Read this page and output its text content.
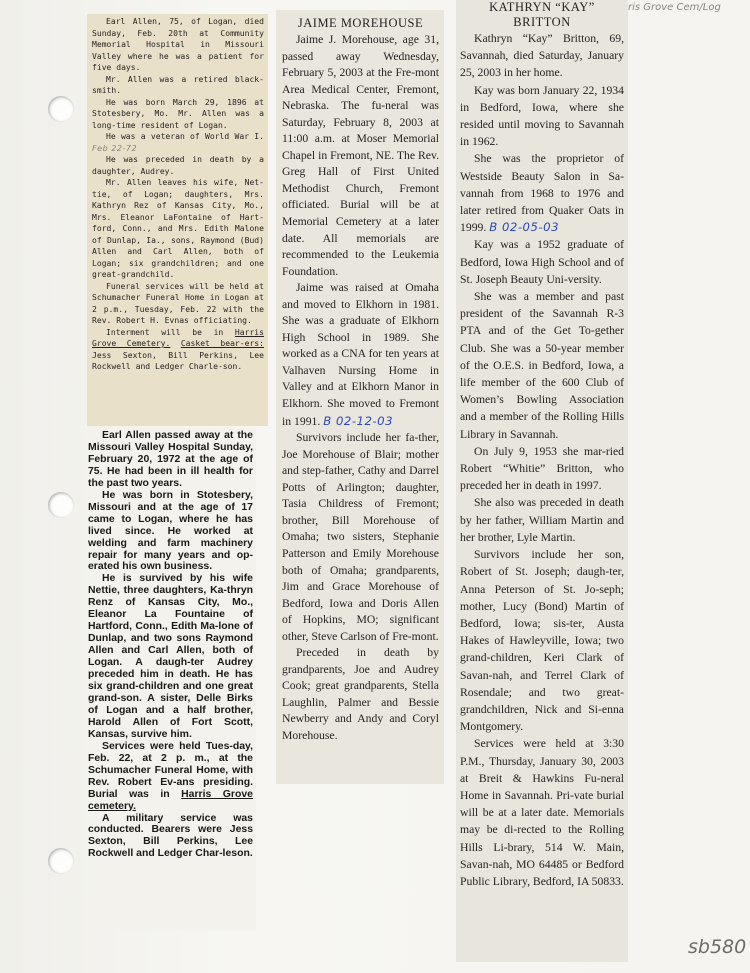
ris Grove Cem/Log

Earl Allen, 75, of Logan, died Sunday, Feb. 20th at Community Memorial Hospital in Missouri Valley where he was a patient for five days.

Mr. Allen was a retired black-smith.

He was born March 29, 1896 at Stotesbery, Mo. Mr. Allen was a long-time resident of Logan.

He was a veteran of World War I. Feb 22-72

He was preceded in death by a daughter, Audrey.

Mr. Allen leaves his wife, Net-tie, of Logan; daughters, Mrs. Kathryn Rez of Kansas City, Mo., Mrs. Eleanor LaFontaine of Hart-ford, Conn., and Mrs. Edith Malone of Dunlap, Ia., sons, Raymond (Bud) Allen and Carl Allen, both of Logan; six grandchildren; and one great-grandchild.

Funeral services will be held at Schumacher Funeral Home in Logan at 2 p.m., Tuesday, Feb. 22 with the Rev. Robert H. Evnas officiating.

Interment will be in Harris Grove Cemetery. Casket bear-ers: Jess Sexton, Bill Perkins, Lee Rockwell and Ledger Charle-son.

Earl Allen passed away at the Missouri Valley Hospital Sunday, February 20, 1972 at the age of 75. He had been in ill health for the past two years.

He was born in Stotesbery, Missouri and at the age of 17 came to Logan, where he has lived since. He worked at welding and farm machinery repair for many years and op-erated his own business.

He is survived by his wife Nettie, three daughters, Ka-thryn Renz of Kansas City, Mo., Eleanor La Fountaine of Hartford, Conn., Edith Ma-lone of Dunlap, and two sons Raymond Allen and Carl Allen, both of Logan. A daugh-ter Audrey preceded him in death. He has six grand-children and one great grand-son. A sister, Delle Birks of Logan and a half brother, Harold Allen of Fort Scott, Kansas, survive him.

Services were held Tues-day, Feb. 22, at 2 p. m., at the Schumacher Funeral Home, with Rev. Robert Ev-ans presiding. Burial was in Harris Grove cemetery.

A military service was conducted. Bearers were Jess Sexton, Bill Perkins, Lee Rockwell and Ledger Char-leson.

JAIME MOREHOUSE

Jaime J. Morehouse, age 31, passed away Wednesday, February 5, 2003 at the Fre-mont Area Medical Center, Fremont, Nebraska. The fu-neral was Saturday, February 8, 2003 at 11:00 a.m. at Moser Memorial Chapel in Fremont, NE. The Rev. Greg Hall of First United Methodist Church, Fremont officiated. Burial will be at Memorial Cemetery at a later date. All memorials are recommended to the Leukemia Foundation.

Jaime was raised at Omaha and moved to Elkhorn in 1981. She was a graduate of Elkhorn High School in 1989. She worked as a CNA for ten years at Valhaven Nursing Home in Valley and at Elkhorn Manor in Elkhorn. She moved to Fremont in 1991. B 02-12-03

Survivors include her fa-ther, Joe Morehouse of Blair; mother and step-father, Cathy and Darrel Potts of Arlington; daughter, Tasia Childress of Fremont; brother, Bill Morehouse of Omaha; two sisters, Stephanie Patterson and Emily Morehouse both of Omaha; grandparents, Jim and Grace Morehouse of Bedford, Iowa and Doris Allen of Hopkins, MO; significant other, Steve Carlson of Fre-mont.

Preceded in death by grandparents, Joe and Audrey Cook; great grandparents, Stella Laughlin, Palmer and Bessie Newberry and Andy and Coryl Morehouse.

KATHRYN “KAY”
BRITTON

Kathryn “Kay” Britton, 69, Savannah, died Saturday, January 25, 2003 in her home.

Kay was born January 22, 1934 in Bedford, Iowa, where she resided until moving to Savannah in 1962.

She was the proprietor of Westside Beauty Salon in Sa-vannah from 1968 to 1976 and later retired from Quaker Oats in 1999. B 02-05-03

Kay was a 1952 graduate of Bedford, Iowa High School and of St. Joseph Beauty Uni-versity.

She was a member and past president of the Savannah R-3 PTA and of the Get To-gether Club. She was a 50-year member of the O.E.S. in Bedford, Iowa, a life member of the 600 Club of Women’s Bowling Association and a member of the Rolling Hills Library in Savannah.

On July 9, 1953 she mar-ried Robert “Whitie” Britton, who preceded her in death in 1997.

She also was preceded in death by her father, William Martin and her brother, Lyle Martin.

Survivors include her son, Robert of St. Joseph; daugh-ter, Anna Peterson of St. Jo-seph; mother, Lucy (Bond) Martin of Bedford, Iowa; sis-ter, Austa Hakes of Hawleyville, Iowa; two grand-children, Keri Clark of Savan-nah, and Terrel Clark of Rosendale; and two great-grandchildren, Nick and Si-enna Montgomery.

Services were held at 3:30 P.M., Thursday, January 30, 2003 at Breit & Hawkins Fu-neral Home in Savannah. Pri-vate burial will be at a later date. Memorials may be di-rected to the Rolling Hills Li-brary, 514 W. Main, Savan-nah, MO 64485 or Bedford Public Library, Bedford, IA 50833.

sb580
